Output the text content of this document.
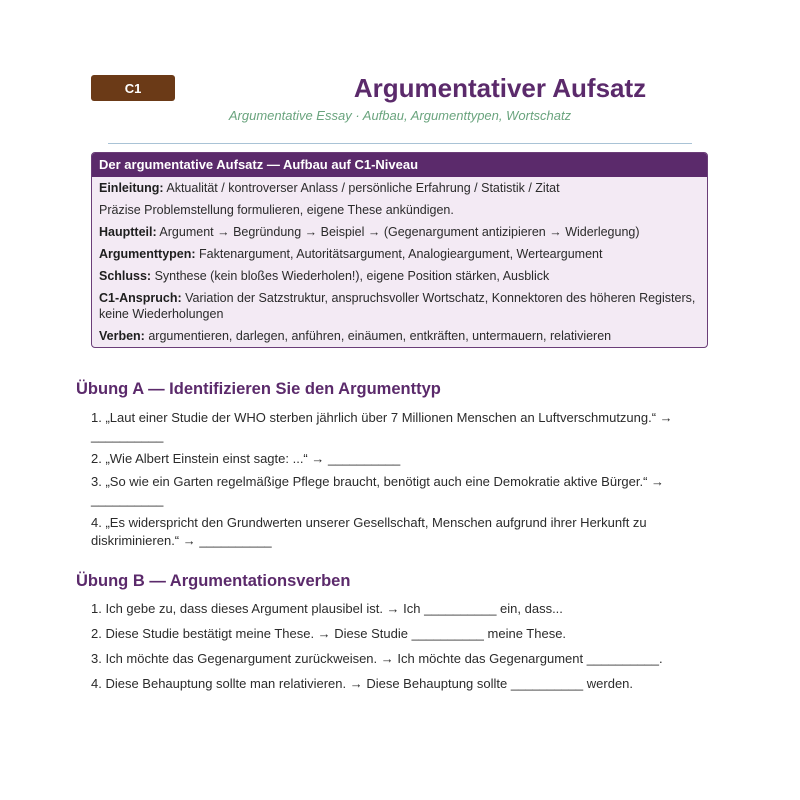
C1	Argumentativer Aufsatz
Argumentative Essay · Aufbau, Argumenttypen, Wortschatz
Der argumentative Aufsatz — Aufbau auf C1-Niveau

Einleitung: Aktualität / kontroverser Anlass / persönliche Erfahrung / Statistik / Zitat

Präzise Problemstellung formulieren, eigene These ankündigen.

Hauptteil: Argument → Begründung → Beispiel → (Gegenargument antizipieren → Widerlegung)

Argumenttypen: Faktenargument, Autoritätsargument, Analogieargument, Werteargument

Schluss: Synthese (kein bloßes Wiederholen!), eigene Position stärken, Ausblick

C1-Anspruch: Variation der Satzstruktur, anspruchsvoller Wortschatz, Konnektoren des höheren Registers, keine Wiederholungen

Verben: argumentieren, darlegen, anführen, einäumen, entkräften, untermauern, relativieren

Übung A — Identifizieren Sie den Argumenttyp

1. „Laut einer Studie der WHO sterben jährlich über 7 Millionen Menschen an Luftverschmutzung.“ → __________

2. „Wie Albert Einstein einst sagte: ...“ → __________

3. „So wie ein Garten regelmäßige Pflege braucht, benötigt auch eine Demokratie aktive Bürger.“ → __________

4. „Es widerspricht den Grundwerten unserer Gesellschaft, Menschen aufgrund ihrer Herkunft zu diskriminieren.“ → __________

Übung B — Argumentationsverben

1. Ich gebe zu, dass dieses Argument plausibel ist. → Ich __________ ein, dass...

2. Diese Studie bestätigt meine These. → Diese Studie __________ meine These.

3. Ich möchte das Gegenargument zurückweisen. → Ich möchte das Gegenargument __________.

4. Diese Behauptung sollte man relativieren. → Diese Behauptung sollte __________ werden.
